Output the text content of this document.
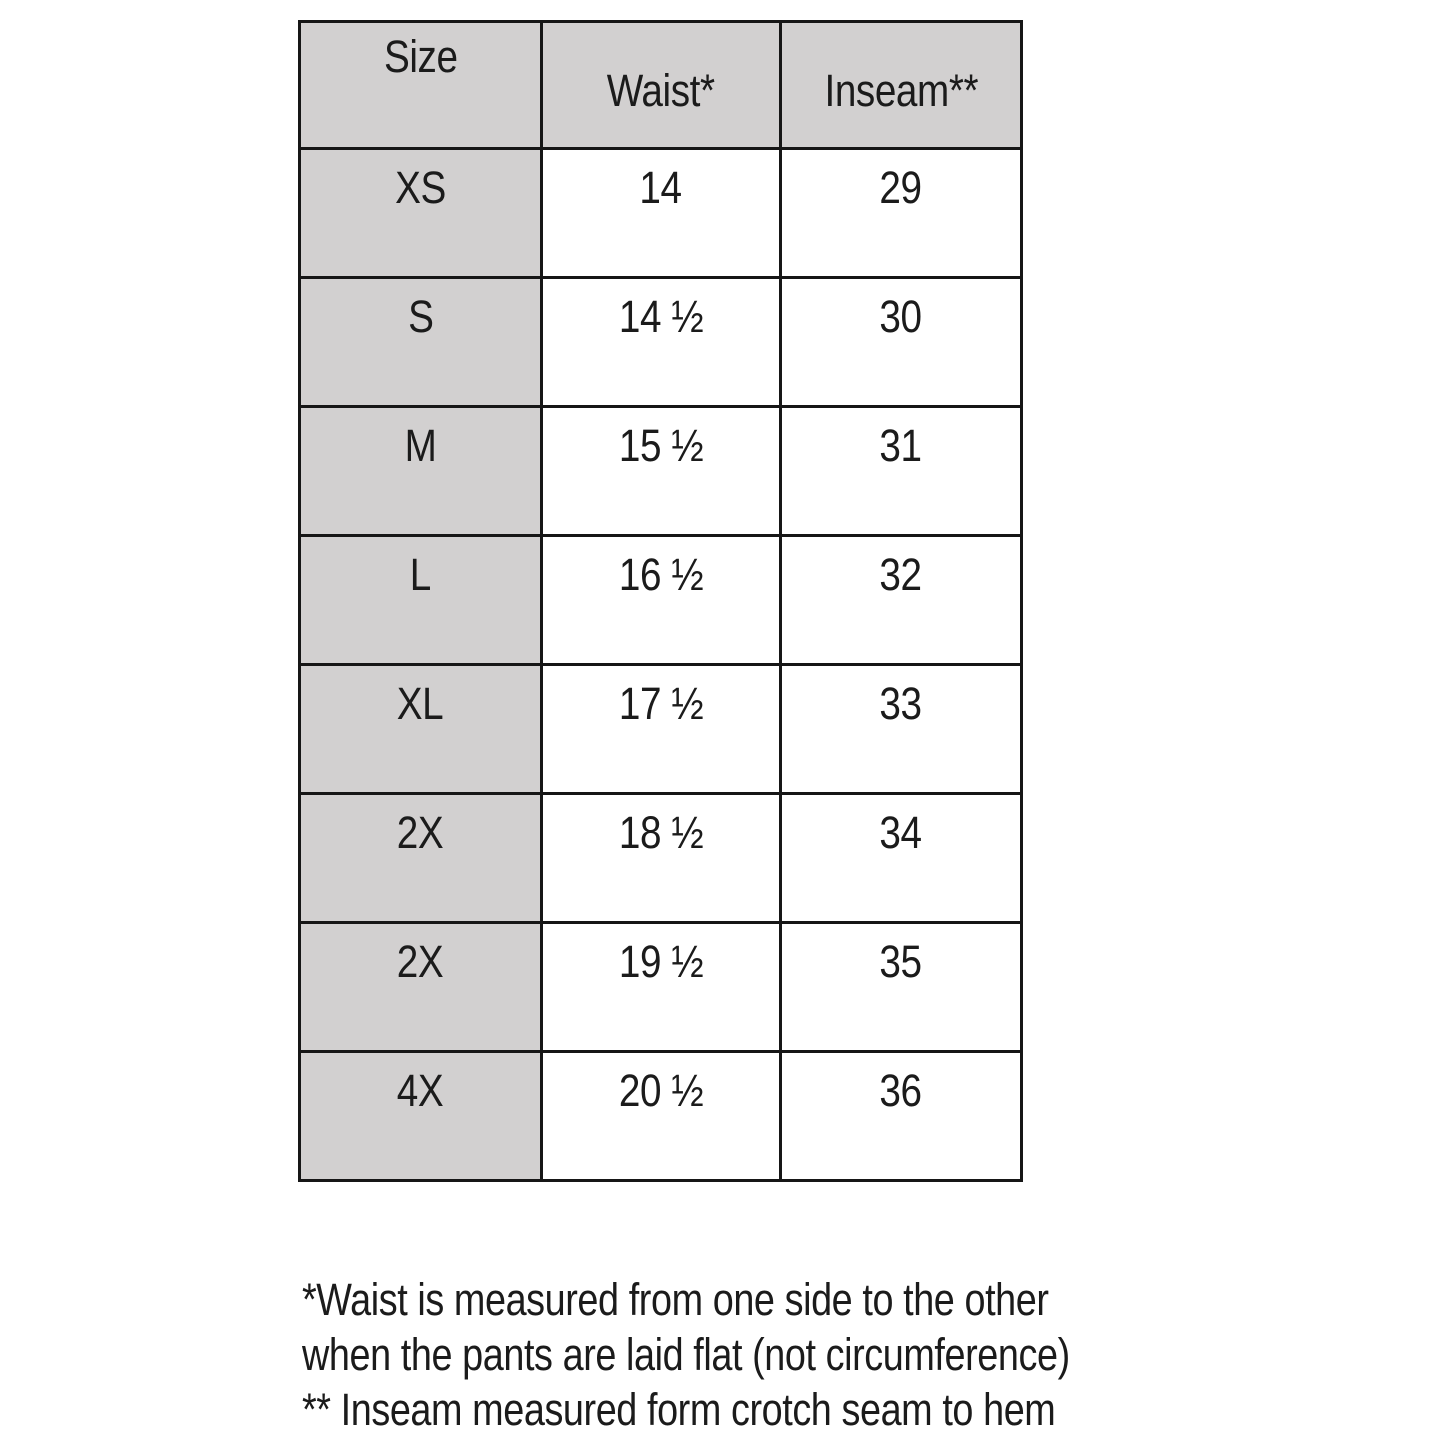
Size	Waist*	Inseam**
XS	14	29
S	14 ½	30
M	15 ½	31
L	16 ½	32
XL	17 ½	33
2X	18 ½	34
2X	19 ½	35
4X	20 ½	36
*Waist is measured from one side to the other
when the pants are laid flat (not circumference)
** Inseam measured form crotch seam to hem
